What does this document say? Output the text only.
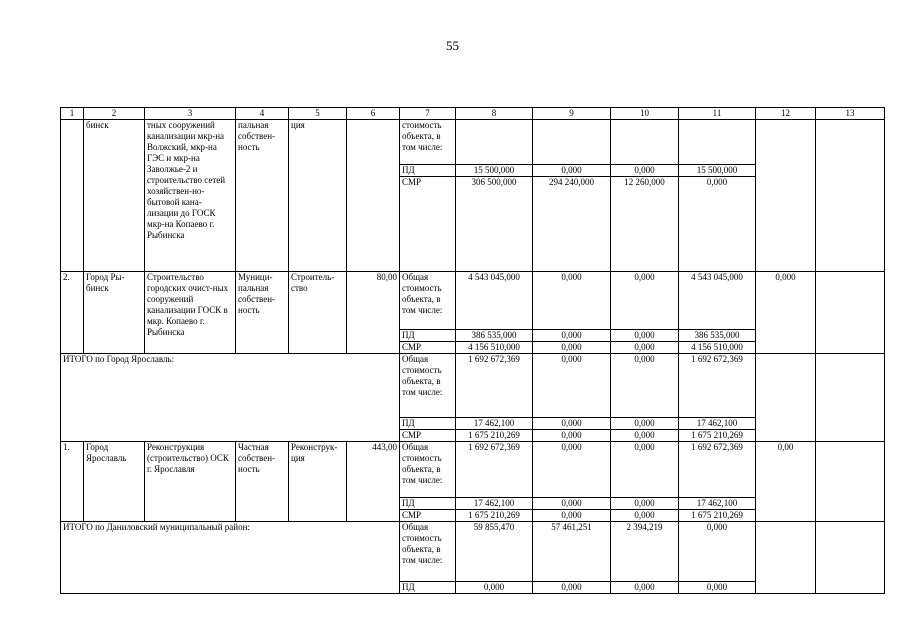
55
1	2	3	4	5	6	7	8	9	10	11	12	13
	бинск	тных сооружений канализации мкр-на Волжский, мкр-на ГЭС и мкр-на Заволжье-2 и строительство сетей хозяйствен-но-бытовой кана-лизации до ГОСК мкр-на Копаево г. Рыбинска	пальная собствен-ность	ция		стоимость объекта, в том числе:						
						ПД	15 500,000	0,000	0,000	15 500,000		
						СМР	306 500,000	294 240,000	12 260,000	0,000		
2.	Город Ры-бинск	Строительство городских очист-ных сооружений канализации ГОСК в мкр. Копаево г. Рыбинска	Муници-пальная собствен-ность	Строитель-ство	80,00	Общая стоимость объекта, в том числе:	4 543 045,000	0,000	0,000	4 543 045,000	0,000	
						ПД	386 535,000	0,000	0,000	386 535,000		
						СМР	4 156 510,000	0,000	0,000	4 156 510,000		
ИТОГО по Город Ярославль:						Общая стоимость объекта, в том числе:	1 692 672,369	0,000	0,000	1 692 672,369		
						ПД	17 462,100	0,000	0,000	17 462,100		
						СМР	1 675 210,269	0,000	0,000	1 675 210,269		
1.	Город Ярославль	Реконструкция (строительство) ОСК г. Ярославля	Частная собствен-ность	Реконструк-ция	443,00	Общая стоимость объекта, в том числе:	1 692 672,369	0,000	0,000	1 692 672,369	0,00	
						ПД	17 462,100	0,000	0,000	17 462,100		
						СМР	1 675 210,269	0,000	0,000	1 675 210,269		
ИТОГО по Даниловский муниципальный район:						Общая стоимость объекта, в том числе:	59 855,470	57 461,251	2 394,219	0,000		
						ПД	0,000	0,000	0,000	0,000		
